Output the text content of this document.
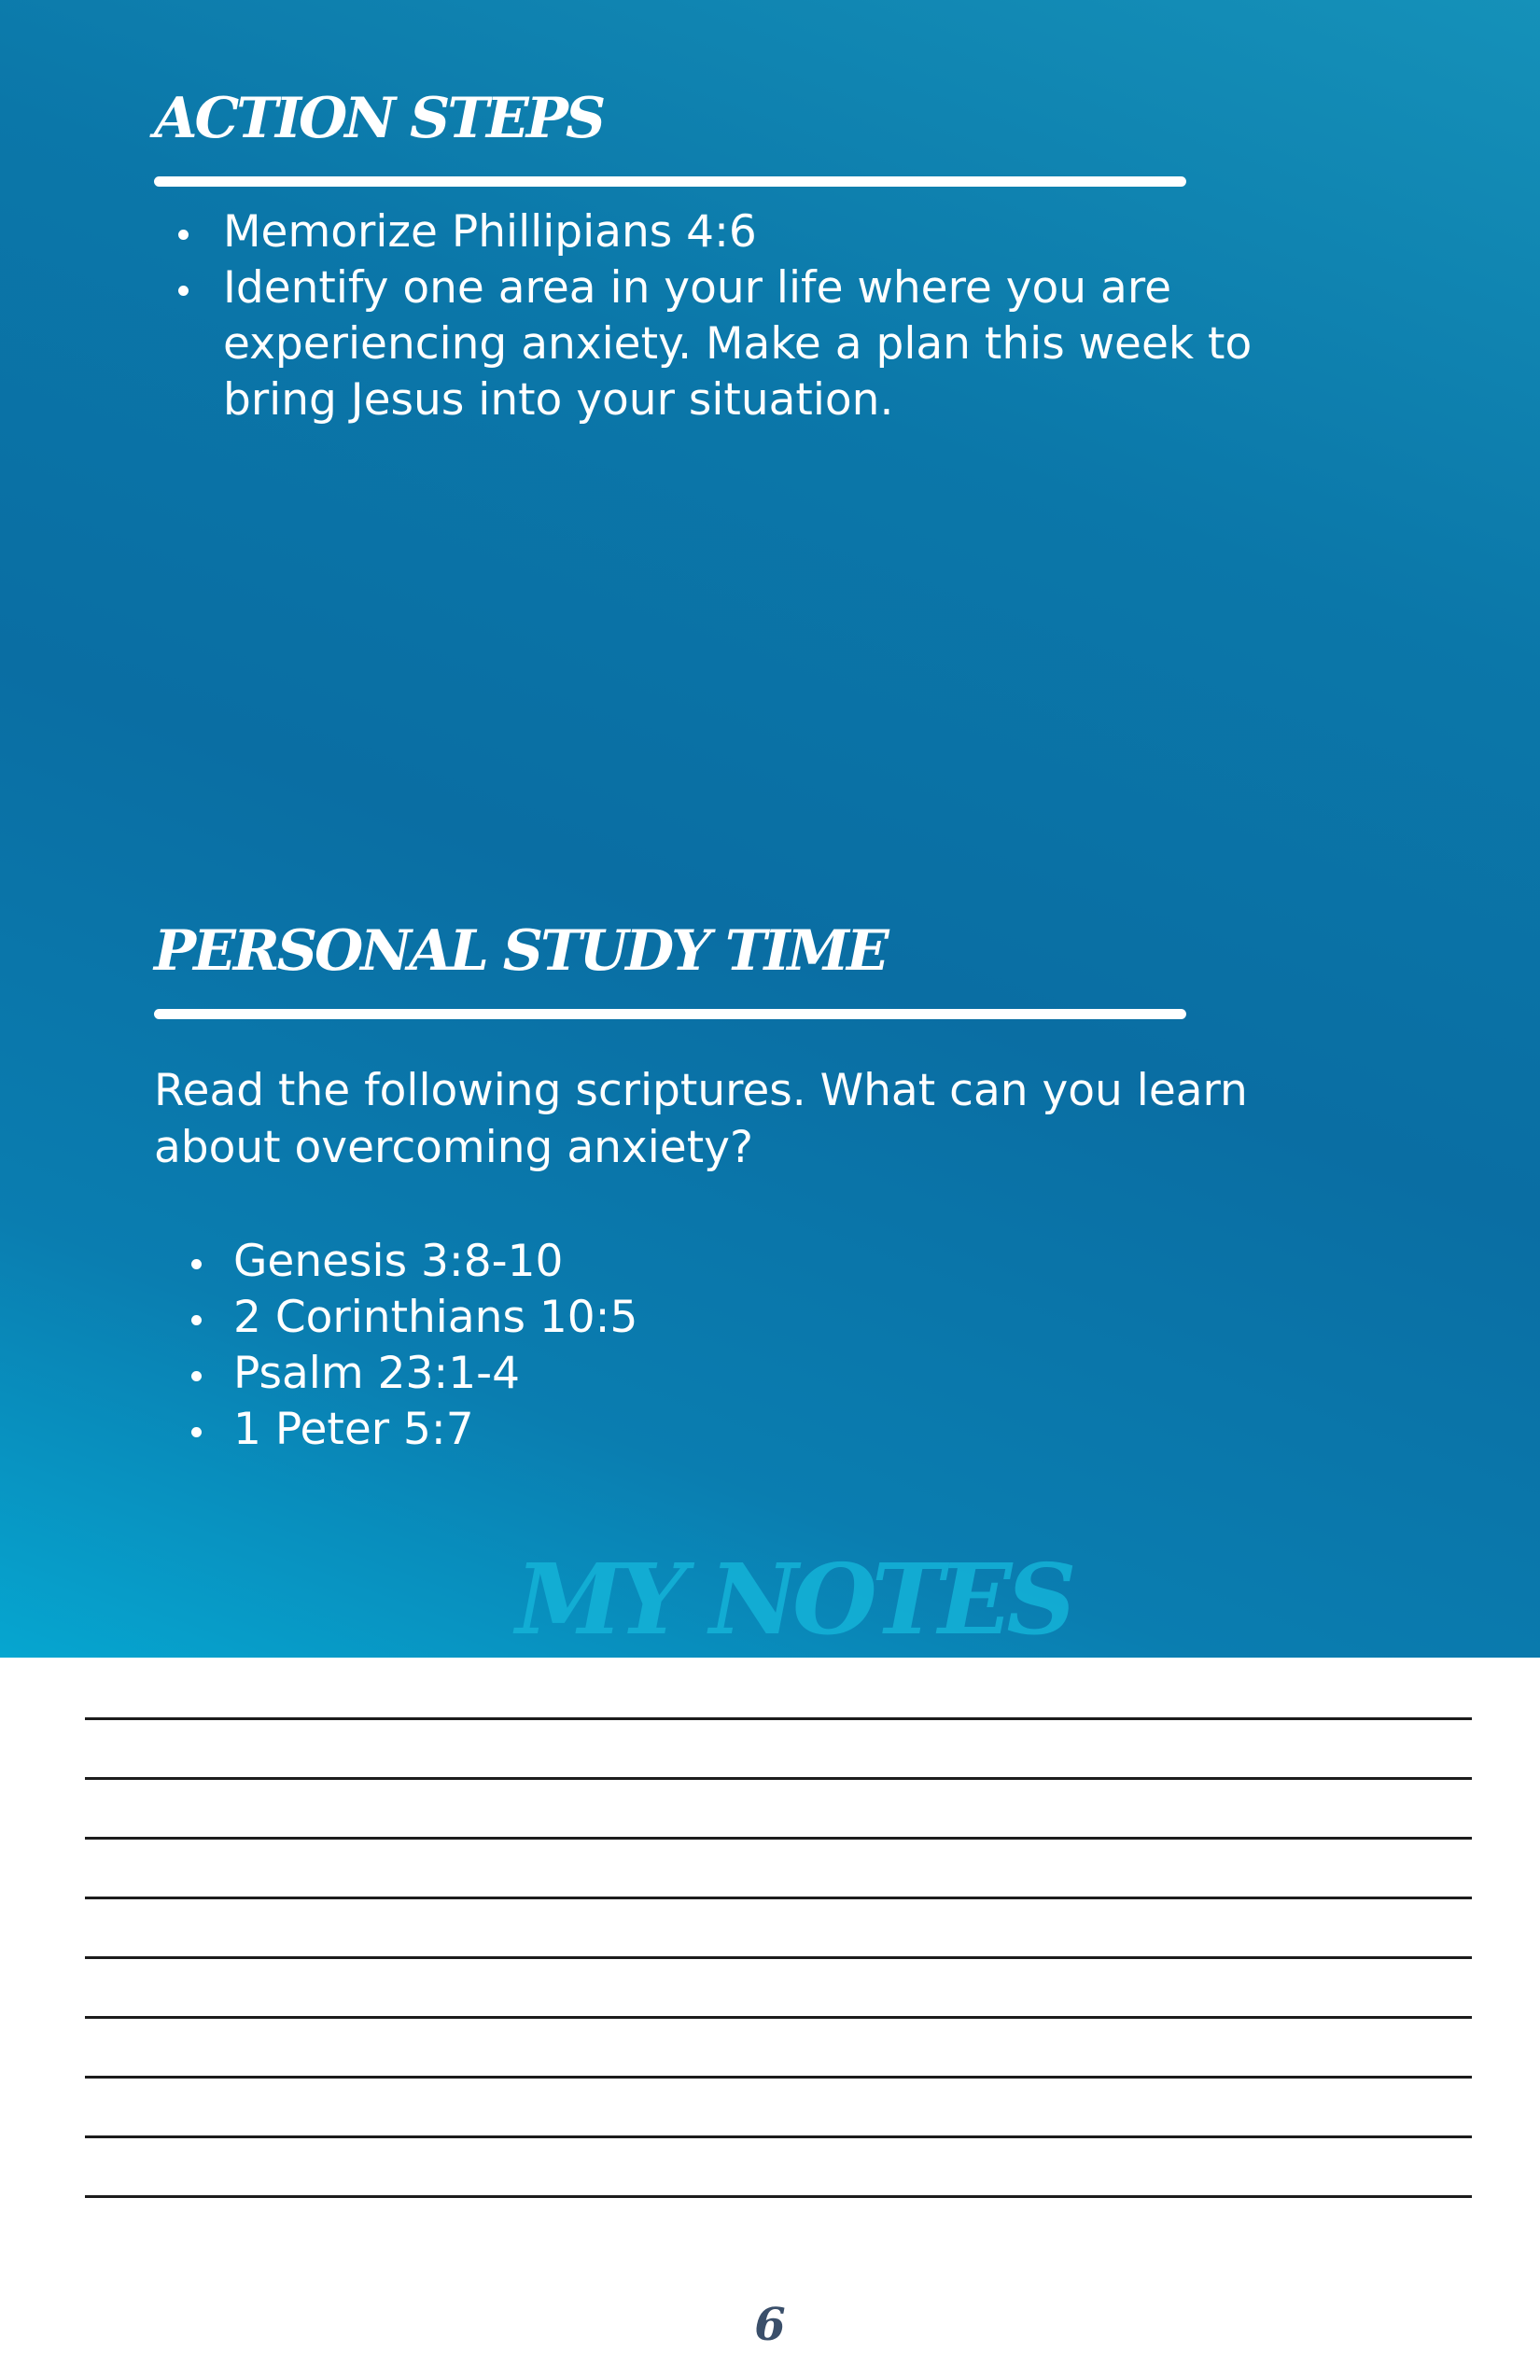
ACTION STEPS
Memorize Phillipians 4:6
Identify one area in your life where you are experiencing anxiety. Make a plan this week to bring Jesus into your situation.
PERSONAL STUDY TIME

Read the following scriptures. What can you learn about overcoming anxiety?

Genesis 3:8-10
2 Corinthians 10:5
Psalm 23:1-4
1 Peter 5:7
MY NOTES
6
